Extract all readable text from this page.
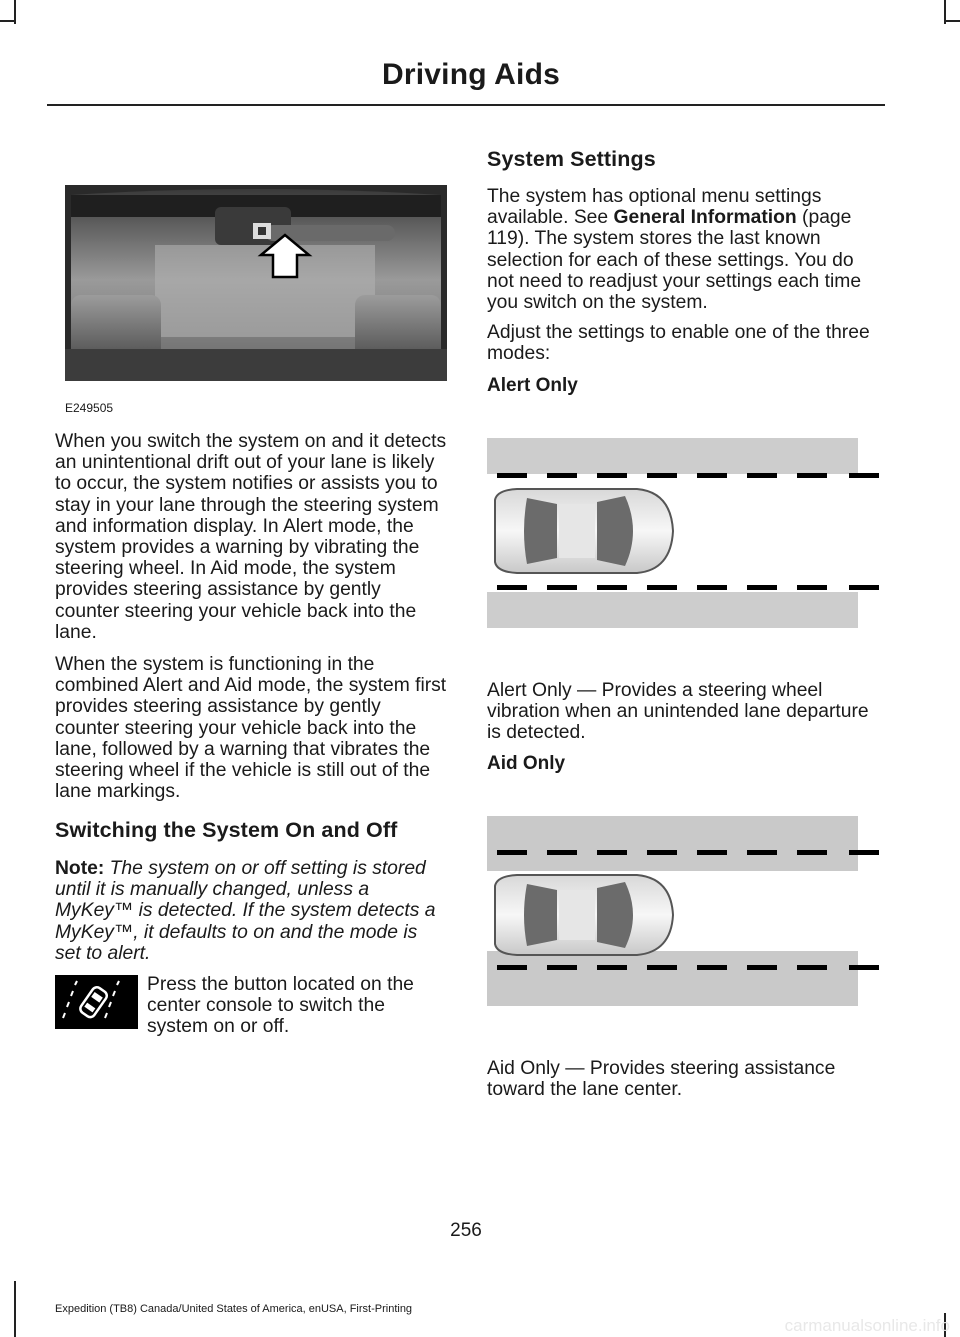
Driving Aids
E249505

When you switch the system on and it detects an unintentional drift out of your lane is likely to occur, the system notifies or assists you to stay in your lane through the steering system and information display. In Alert mode, the system provides a warning by vibrating the steering wheel. In Aid mode, the system provides steering assistance by gently counter steering your vehicle back into the lane.

When the system is functioning in the combined Alert and Aid mode, the system first provides steering assistance by gently counter steering your vehicle back into the lane, followed by a warning that vibrates the steering wheel if the vehicle is still out of the lane markings.

Switching the System On and Off

Note: The system on or off setting is stored until it is manually changed, unless a MyKey™ is detected. If the system detects a MyKey™, it defaults to on and the mode is set to alert.

Press the button located on the center console to switch the system on or off.

System Settings

The system has optional menu settings available. See General Information (page 119). The system stores the last known selection for each of these settings. You do not need to readjust your settings each time you switch on the system.

Adjust the settings to enable one of the three modes:

Alert Only

Alert Only — Provides a steering wheel vibration when an unintended lane departure is detected.

Aid Only

Aid Only — Provides steering assistance toward the lane center.

256
Expedition (TB8) Canada/United States of America, enUSA, First-Printing
carmanualsonline.info
